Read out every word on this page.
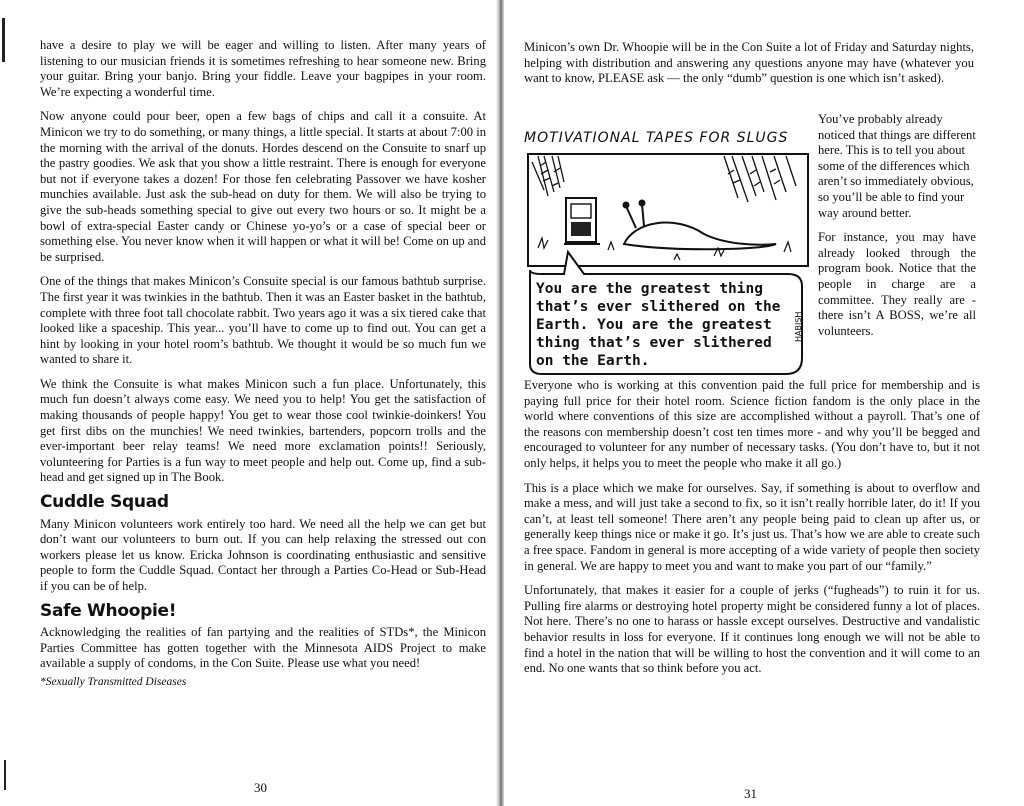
have a desire to play we will be eager and willing to listen. After many years of listening to our musician friends it is sometimes refreshing to hear someone new. Bring your guitar. Bring your banjo. Bring your fiddle. Leave your bagpipes in your room. We’re expecting a wonderful time.

Now anyone could pour beer, open a few bags of chips and call it a consuite. At Minicon we try to do something, or many things, a little special. It starts at about 7:00 in the morning with the arrival of the donuts. Hordes descend on the Consuite to snarf up the pastry goodies. We ask that you show a little restraint. There is enough for everyone but not if everyone takes a dozen! For those fen celebrating Passover we have kosher munchies available. Just ask the sub-head on duty for them. We will also be trying to give the sub-heads something special to give out every two hours or so. It might be a bowl of extra-special Easter candy or Chinese yo-yo’s or a case of special beer or something else. You never know when it will happen or what it will be! Come on up and be surprised.

One of the things that makes Minicon’s Consuite special is our famous bathtub surprise. The first year it was twinkies in the bathtub. Then it was an Easter basket in the bathtub, complete with three foot tall chocolate rabbit. Two years ago it was a six tiered cake that looked like a spaceship. This year... you’ll have to come up to find out. You can get a hint by looking in your hotel room’s bathtub. We thought it would be so much fun we wanted to share it.

We think the Consuite is what makes Minicon such a fun place. Unfortunately, this much fun doesn’t always come easy. We need you to help! You get the satisfaction of making thousands of people happy! You get to wear those cool twinkie-doinkers! You get first dibs on the munchies! We need twinkies, bartenders, popcorn trolls and the ever-important beer relay teams! We need more exclamation points!! Seriously, volunteering for Parties is a fun way to meet people and help out. Come up, find a sub-head and get signed up in The Book.

Cuddle Squad

Many Minicon volunteers work entirely too hard. We need all the help we can get but don’t want our volunteers to burn out. If you can help relaxing the stressed out con workers please let us know. Ericka Johnson is coordinating enthusiastic and sensitive people to form the Cuddle Squad. Contact her through a Parties Co-Head or Sub-Head if you can be of help.

Safe Whoopie!

Acknowledging the realities of fan partying and the realities of STDs*, the Minicon Parties Committee has gotten together with the Minnesota AIDS Project to make available a supply of condoms, in the Con Suite. Please use what you need!

*Sexually Transmitted Diseases

30

Minicon’s own Dr. Whoopie will be in the Con Suite a lot of Friday and Saturday nights, helping with distribution and answering any questions anyone may have (whatever you want to know, PLEASE ask — the only “dumb” question is one which isn’t asked).

MOTIVATIONAL TAPES FOR SLUGS
You are the greatest thing
that’s ever slithered on the
Earth. You are the greatest
thing that’s ever slithered
on the Earth.
HABISH

You’ve probably already noticed that things are different here. This is to tell you about some of the differences which aren’t so immediately obvious, so you’ll be able to find your way around better.

For instance, you may have already looked through the program book. Notice that the people in charge are a committee. They really are - there isn’t A BOSS, we’re all volunteers.

Everyone who is working at this convention paid the full price for membership and is paying full price for their hotel room. Science fiction fandom is the only place in the world where conventions of this size are accomplished without a payroll. That’s one of the reasons con membership doesn’t cost ten times more - and why you’ll be begged and encouraged to volunteer for any number of necessary tasks. (You don’t have to, but it not only helps, it helps you to meet the people who make it all go.)

This is a place which we make for ourselves. Say, if something is about to overflow and make a mess, and will just take a second to fix, so it isn’t really horrible later, do it! If you can’t, at least tell someone! There aren’t any people being paid to clean up after us, or generally keep things nice or make it go. It’s just us. That’s how we are able to create such a free space. Fandom in general is more accepting of a wide variety of people then society in general. We are happy to meet you and want to make you part of our “family.”

Unfortunately, that makes it easier for a couple of jerks (“fugheads”) to ruin it for us. Pulling fire alarms or destroying hotel property might be considered funny a lot of places. Not here. There’s no one to harass or hassle except ourselves. Destructive and vandalistic behavior results in loss for everyone. If it continues long enough we will not be able to find a hotel in the nation that will be willing to host the convention and it will come to an end. No one wants that so think before you act.

31
